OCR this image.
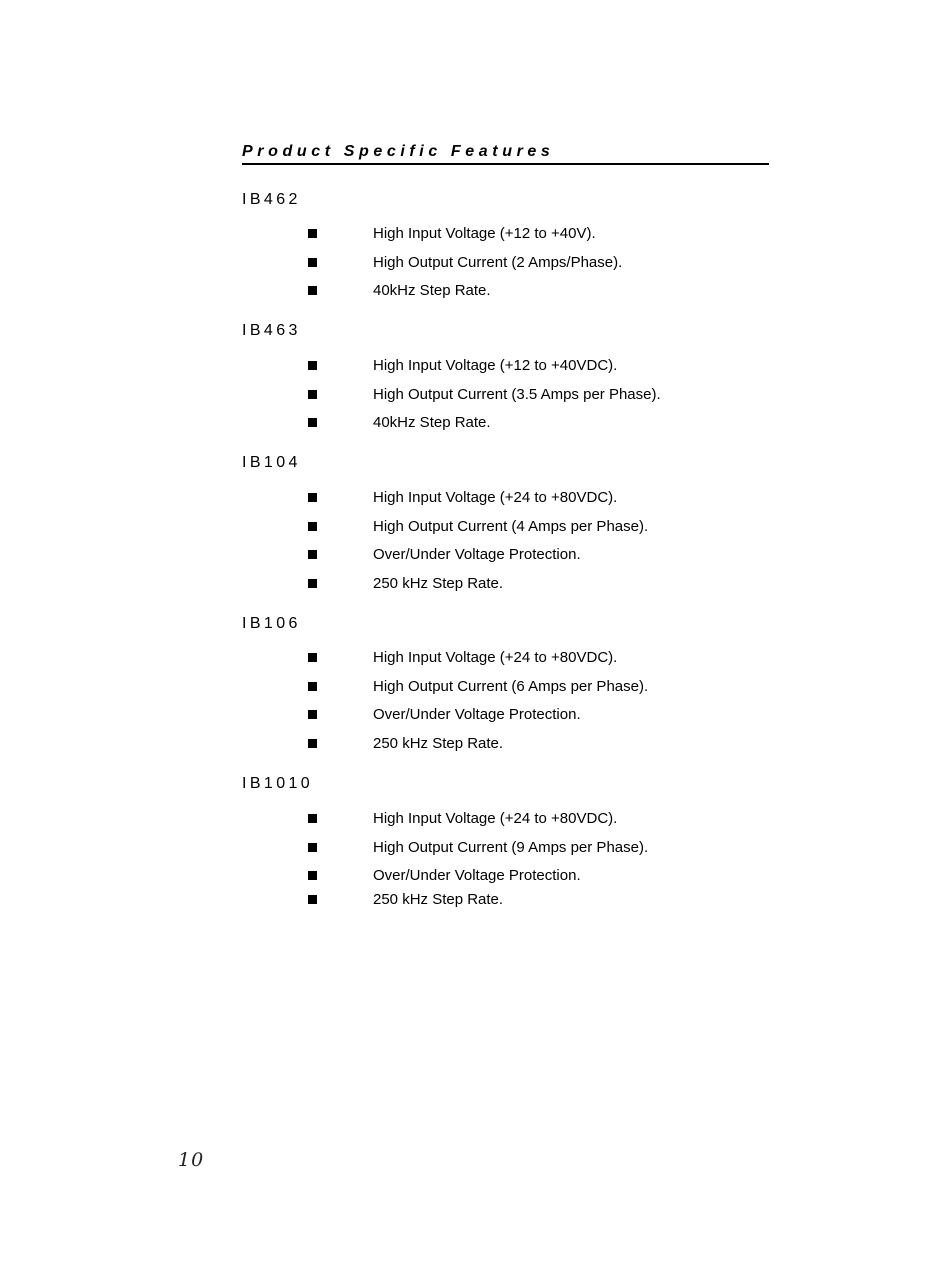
Product Specific Features
IB462
High Input Voltage (+12 to +40V).
High Output Current (2 Amps/Phase).
40kHz Step Rate.
IB463
High Input Voltage (+12 to +40VDC).
High Output Current (3.5 Amps per Phase).
40kHz Step Rate.
IB104
High Input Voltage (+24 to +80VDC).
High Output Current (4 Amps per Phase).
Over/Under Voltage Protection.
250 kHz Step Rate.
IB106
High Input Voltage (+24 to +80VDC).
High Output Current (6 Amps per Phase).
Over/Under Voltage Protection.
250 kHz Step Rate.
IB1010
High Input Voltage (+24 to +80VDC).
High Output Current (9 Amps per Phase).
Over/Under Voltage Protection.
250 kHz Step Rate.
10
